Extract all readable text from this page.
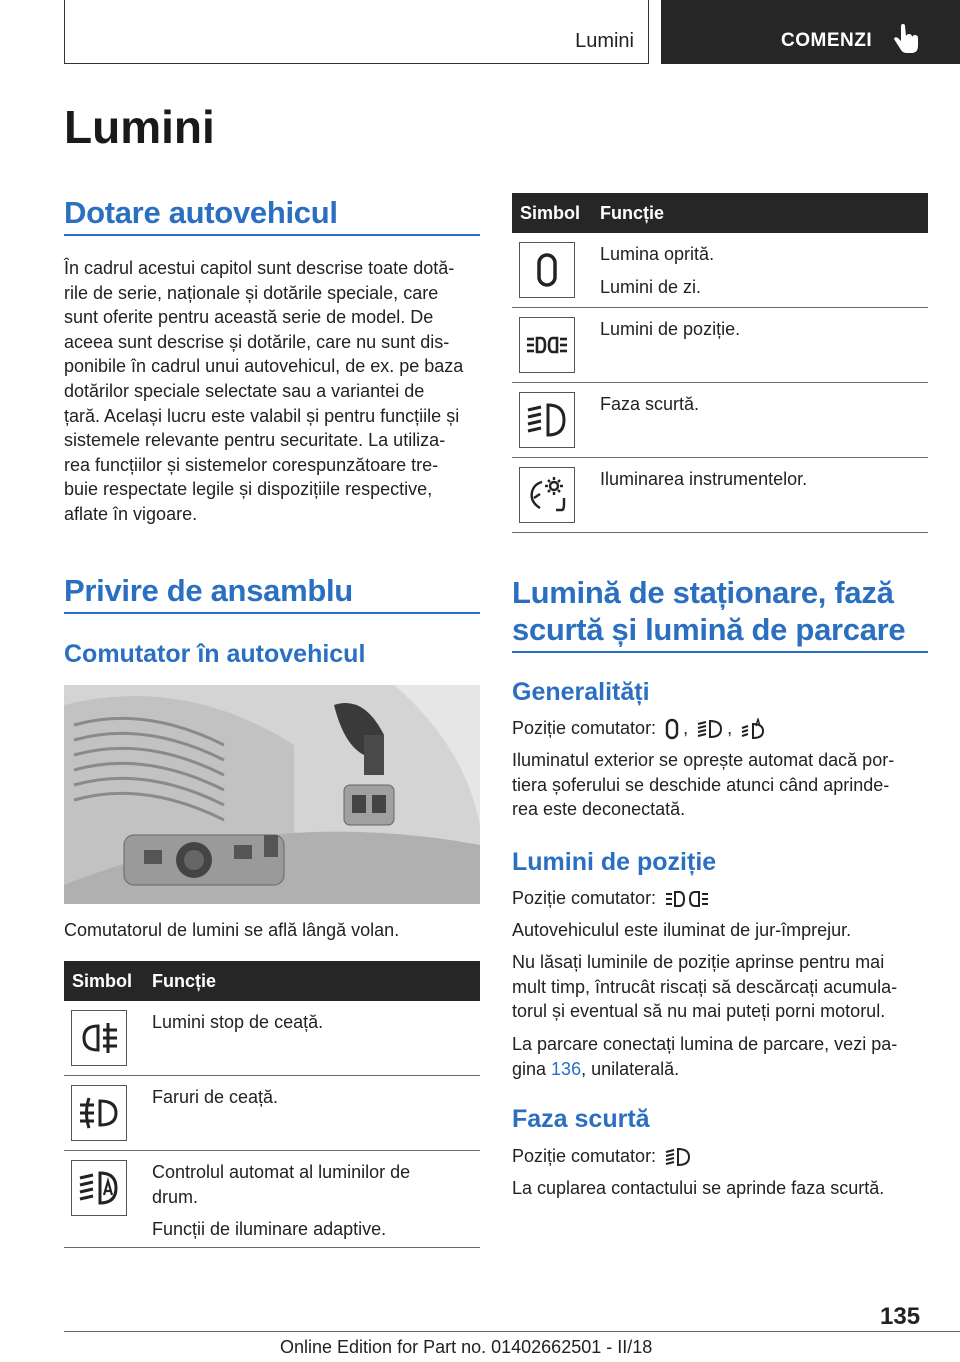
Lumini	COMENZI
Lumini
Dotare autovehicul
În cadrul acestui capitol sunt descrise toate dotă-
rile de serie, naționale și dotările speciale, care
sunt oferite pentru această serie de model. De
aceea sunt descrise și dotările, care nu sunt dis-
ponibile în cadrul unui autovehicul, de ex. pe baza
dotărilor speciale selectate sau a variantei de
țară. Același lucru este valabil și pentru funcțiile și
sistemele relevante pentru securitate. La utiliza-
rea funcțiilor și sistemelor corespunzătoare tre-
buie respectate legile și dispozițiile respective,
aflate în vigoare.
Privire de ansamblu
Comutator în autovehicul
Comutatorul de lumini se află lângă volan.
Simbol Funcție
Lumini stop de ceață.
Faruri de ceață.
Controlul automat al luminilor de
drum.
Funcții de iluminare adaptive.
Simbol Funcție
Lumina oprită.
Lumini de zi.
Lumini de poziție.
Faza scurtă.
Iluminarea instrumentelor.
Lumină de staționare, fază
scurtă și lumină de parcare
Generalități
Poziție comutator: , ,
Iluminatul exterior se oprește automat dacă por-
tiera șoferului se deschide atunci când aprinde-
rea este deconectată.
Lumini de poziție
Poziție comutator:
Autovehiculul este iluminat de jur-împrejur.
Nu lăsați luminile de poziție aprinse pentru mai
mult timp, întrucât riscați să descărcați acumula-
torul și eventual să nu mai puteți porni motorul.
La parcare conectați lumina de parcare, vezi pa-
gina 136, unilaterală.
Faza scurtă
Poziție comutator:
La cuplarea contactului se aprinde faza scurtă.
135
Online Edition for Part no. 01402662501 - II/18
